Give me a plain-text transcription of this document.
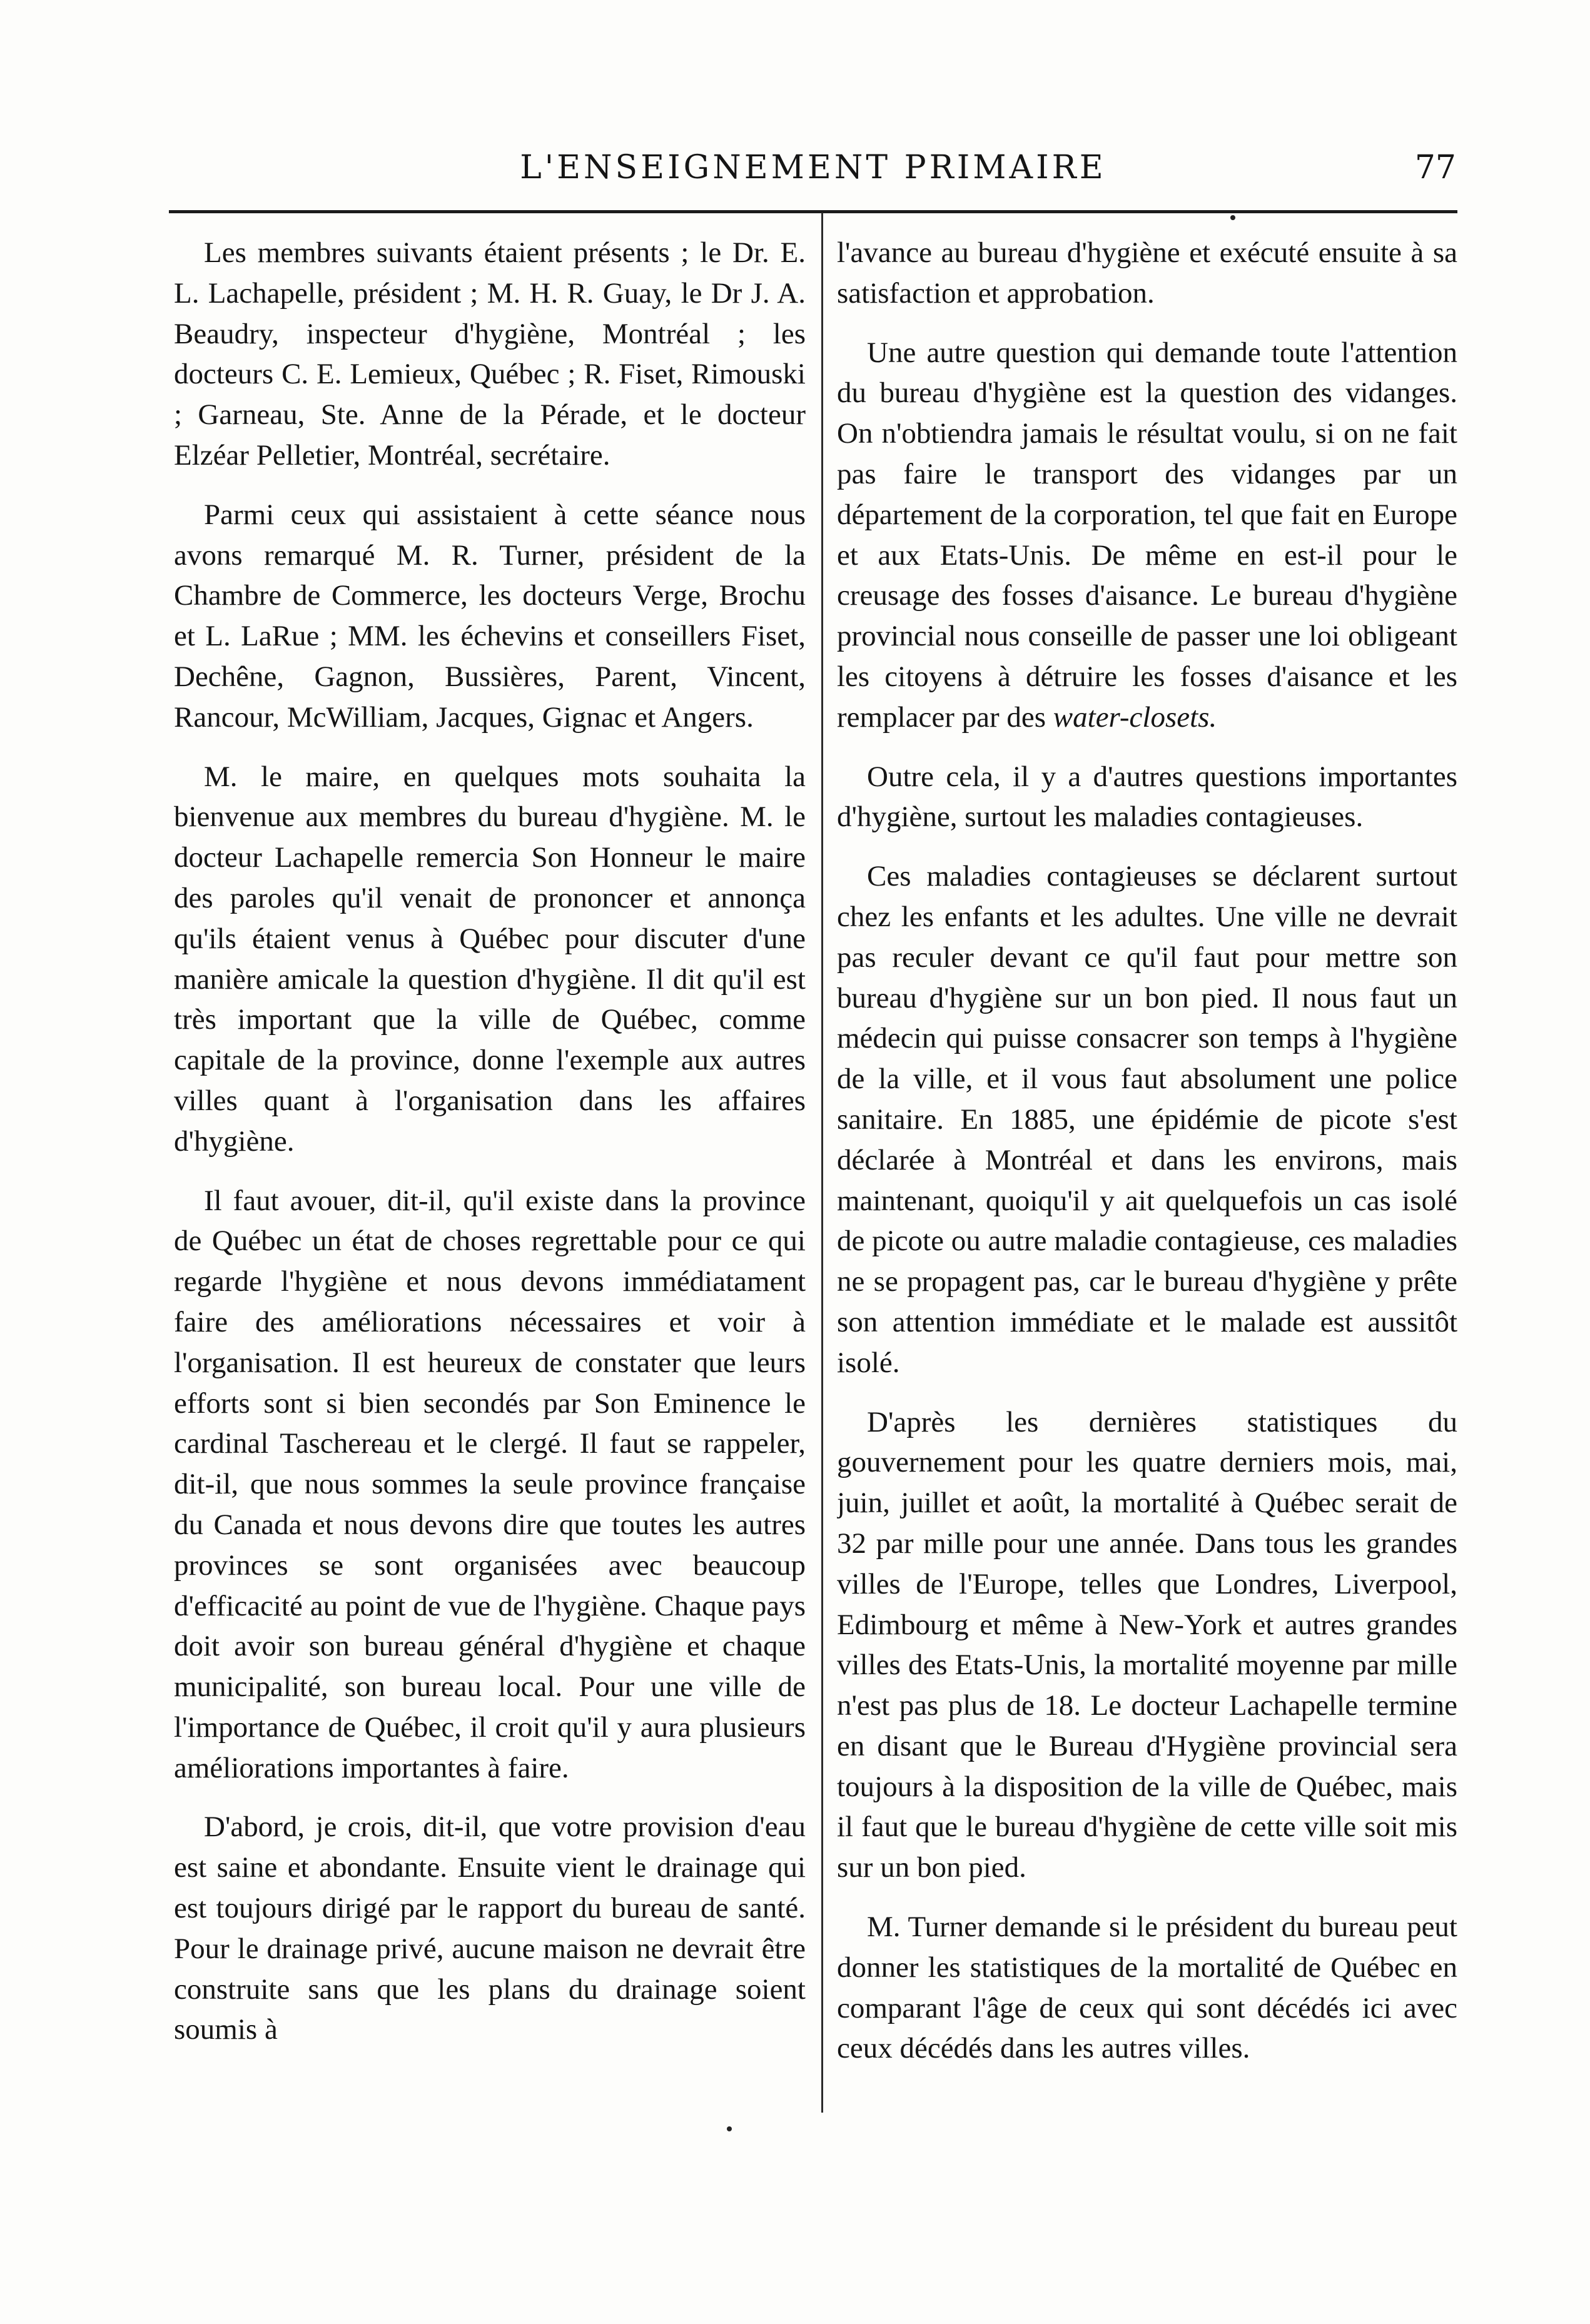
L'ENSEIGNEMENT PRIMAIRE	77

Les membres suivants étaient présents ; le Dr. E. L. Lachapelle, président ; M. H. R. Guay, le Dr J. A. Beaudry, inspecteur d'hygiène, Montréal ; les docteurs C. E. Lemieux, Québec ; R. Fiset, Rimouski ; Garneau, Ste. Anne de la Pérade, et le docteur Elzéar Pelletier, Montréal, secrétaire.

Parmi ceux qui assistaient à cette séance nous avons remarqué M. R. Turner, président de la Chambre de Commerce, les docteurs Verge, Brochu et L. LaRue ; MM. les échevins et conseillers Fiset, Dechêne, Gagnon, Bussières, Parent, Vincent, Rancour, McWilliam, Jacques, Gignac et Angers.

M. le maire, en quelques mots souhaita la bienvenue aux membres du bureau d'hygiène. M. le docteur Lachapelle remercia Son Honneur le maire des paroles qu'il venait de prononcer et annonça qu'ils étaient venus à Québec pour discuter d'une manière amicale la question d'hygiène. Il dit qu'il est très important que la ville de Québec, comme capitale de la province, donne l'exemple aux autres villes quant à l'organisation dans les affaires d'hygiène.

Il faut avouer, dit-il, qu'il existe dans la province de Québec un état de choses regrettable pour ce qui regarde l'hygiène et nous devons immédiatament faire des améliorations nécessaires et voir à l'organisation. Il est heureux de constater que leurs efforts sont si bien secondés par Son Eminence le cardinal Taschereau et le clergé. Il faut se rappeler, dit-il, que nous sommes la seule province française du Canada et nous devons dire que toutes les autres provinces se sont organisées avec beaucoup d'efficacité au point de vue de l'hygiène. Chaque pays doit avoir son bureau général d'hygiène et chaque municipalité, son bureau local. Pour une ville de l'importance de Québec, il croit qu'il y aura plusieurs améliorations importantes à faire.

D'abord, je crois, dit-il, que votre provision d'eau est saine et abondante. Ensuite vient le drainage qui est toujours dirigé par le rapport du bureau de santé. Pour le drainage privé, aucune maison ne devrait être construite sans que les plans du drainage soient soumis à

l'avance au bureau d'hygiène et exécuté ensuite à sa satisfaction et approbation.

Une autre question qui demande toute l'attention du bureau d'hygiène est la question des vidanges. On n'obtiendra jamais le résultat voulu, si on ne fait pas faire le transport des vidanges par un département de la corporation, tel que fait en Europe et aux Etats-Unis. De même en est-il pour le creusage des fosses d'aisance. Le bureau d'hygiène provincial nous conseille de passer une loi obligeant les citoyens à détruire les fosses d'aisance et les remplacer par des water-closets.

Outre cela, il y a d'autres questions importantes d'hygiène, surtout les maladies contagieuses.

Ces maladies contagieuses se déclarent surtout chez les enfants et les adultes. Une ville ne devrait pas reculer devant ce qu'il faut pour mettre son bureau d'hygiène sur un bon pied. Il nous faut un médecin qui puisse consacrer son temps à l'hygiène de la ville, et il vous faut absolument une police sanitaire. En 1885, une épidémie de picote s'est déclarée à Montréal et dans les environs, mais maintenant, quoiqu'il y ait quelquefois un cas isolé de picote ou autre maladie contagieuse, ces maladies ne se propagent pas, car le bureau d'hygiène y prête son attention immédiate et le malade est aussitôt isolé.

D'après les dernières statistiques du gouvernement pour les quatre derniers mois, mai, juin, juillet et août, la mortalité à Québec serait de 32 par mille pour une année. Dans tous les grandes villes de l'Europe, telles que Londres, Liverpool, Edimbourg et même à New-York et autres grandes villes des Etats-Unis, la mortalité moyenne par mille n'est pas plus de 18. Le docteur Lachapelle termine en disant que le Bureau d'Hygiène provincial sera toujours à la disposition de la ville de Québec, mais il faut que le bureau d'hygiène de cette ville soit mis sur un bon pied.

M. Turner demande si le président du bureau peut donner les statistiques de la mortalité de Québec en comparant l'âge de ceux qui sont décédés ici avec ceux décédés dans les autres villes.
